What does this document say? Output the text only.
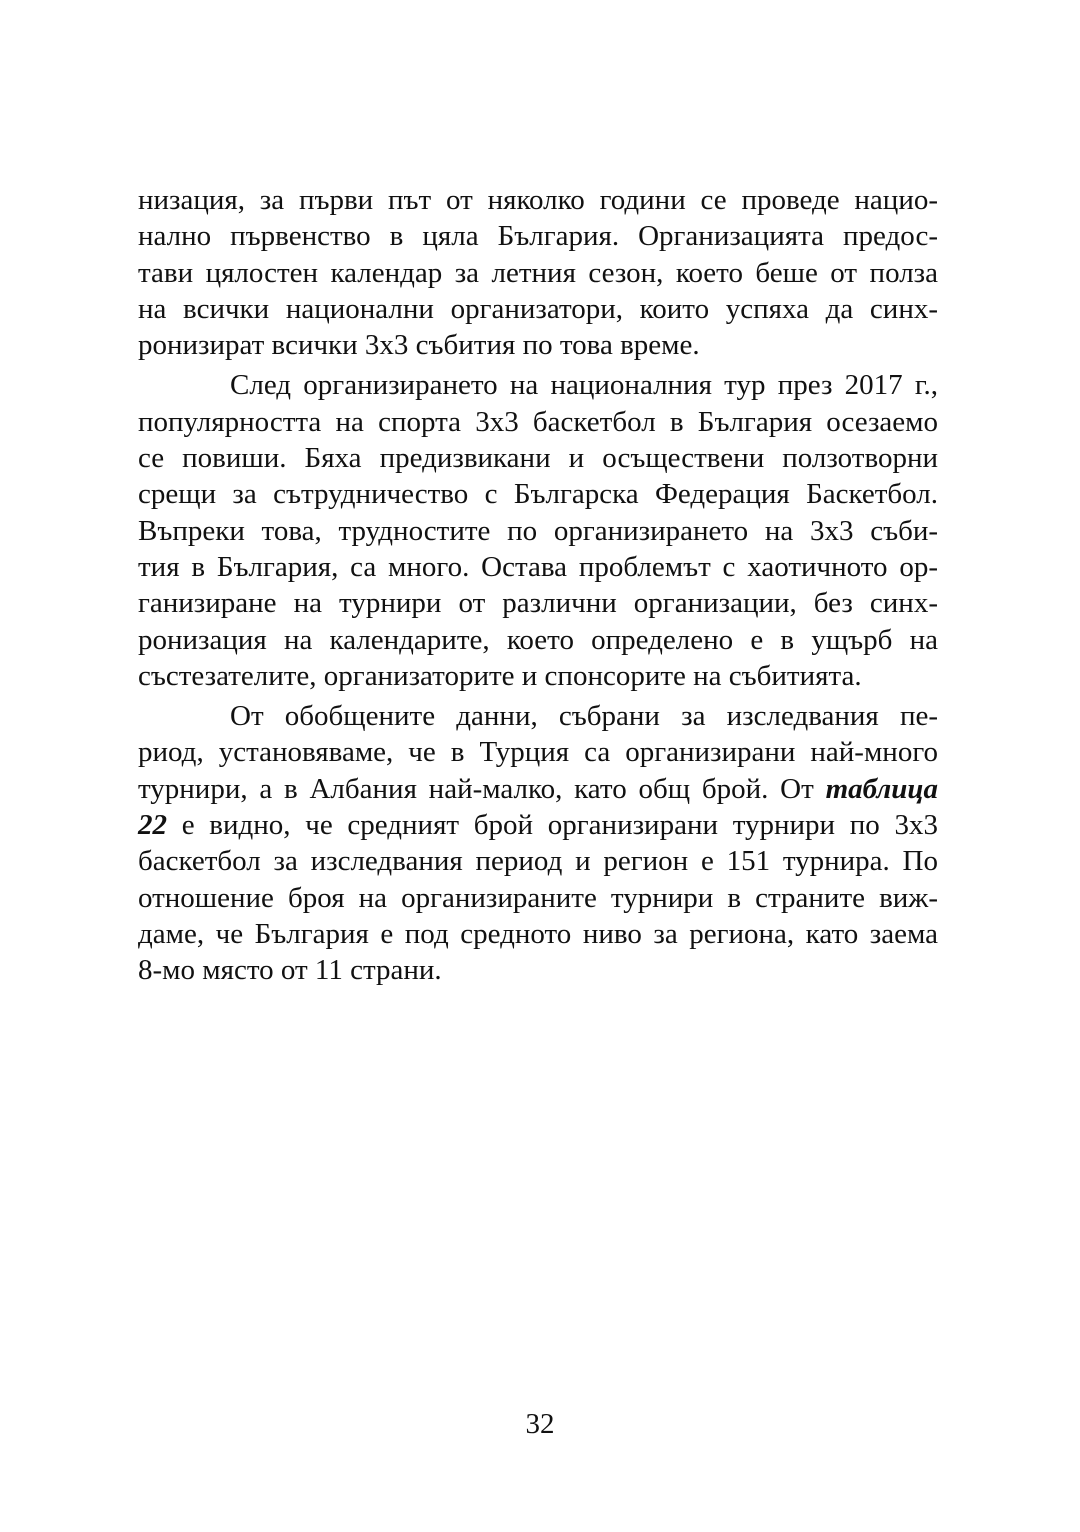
низация, за първи път от няколко години се проведе нацио-
нално първенство в цяла България. Организацията предос-
тави цялостен календар за летния сезон, което беше от полза
на всички национални организатори, които успяха да синх-
ронизират всички 3x3 събития по това време.
След организирането на националния тур през 2017 г.,
популярността на спорта 3x3 баскетбол в България осезаемо
се повиши. Бяха предизвикани и осъществени ползотворни
срещи за сътрудничество с Българска Федерация Баскетбол.
Въпреки това, трудностите по организирането на 3x3 съби-
тия в България, са много. Остава проблемът с хаотичното ор-
ганизиране на турнири от различни организации, без синх-
ронизация на календарите, което определено е в ущърб на
състезателите, организаторите и спонсорите на събитията.
От обобщените данни, събрани за изследвания пе-
риод, установяваме, че в Турция са организирани най-много
турнири, а в Албания най-малко, като общ брой. От таблица
22 е видно, че средният брой организирани турнири по 3x3
баскетбол за изследвания период и регион е 151 турнира. По
отношение броя на организираните турнири в страните виж-
даме, че България е под средното ниво за региона, като заема
8-мо място от 11 страни.
32
